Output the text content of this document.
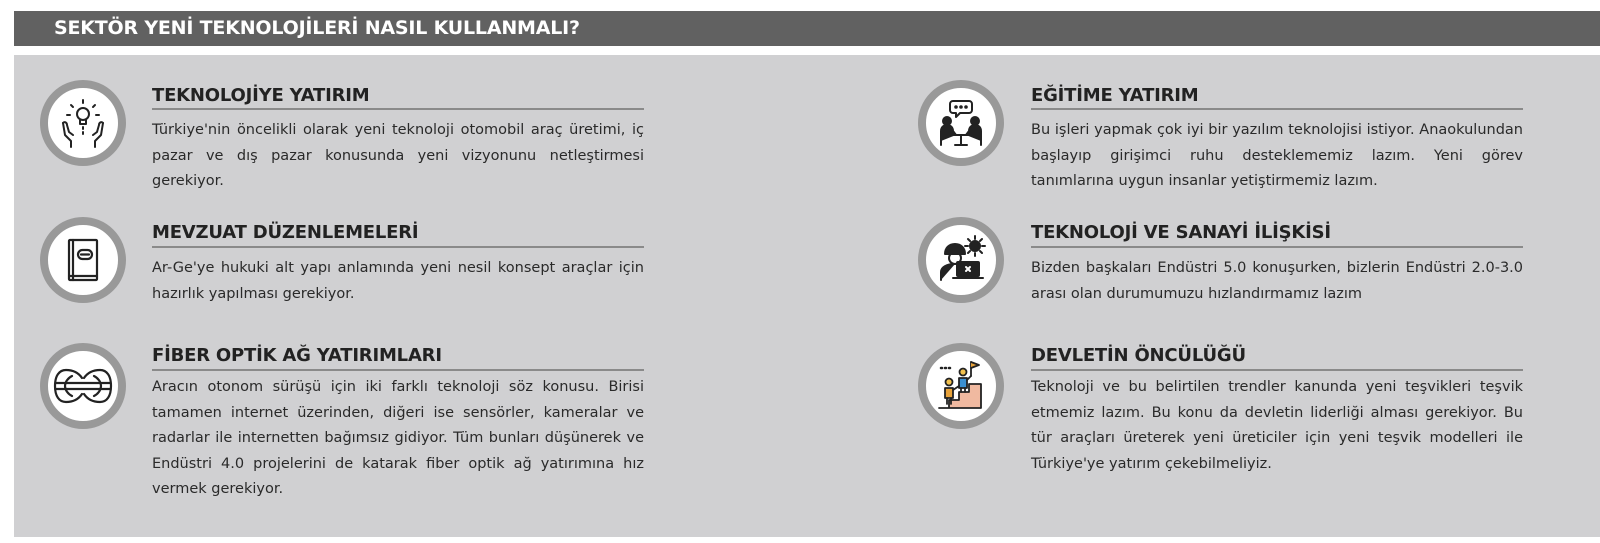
SEKTÖR YENİ TEKNOLOJİLERİ NASIL KULLANMALI?
TEKNOLOJİYE YATIRIM
Türkiye'nin öncelikli olarak yeni teknoloji otomobil araç üretimi, iç pazar ve dış pazar konusunda yeni vizyonunu netleştirmesi gerekiyor.
MEVZUAT DÜZENLEMELERİ
Ar-Ge'ye hukuki alt yapı anlamında yeni nesil konsept araçlar için hazırlık yapılması gerekiyor.
FİBER OPTİK AĞ YATIRIMLARI
Aracın otonom sürüşü için iki farklı teknoloji söz konusu. Birisi tamamen internet üzerinden, diğeri ise sensörler, kameralar ve radarlar ile internetten bağımsız gidiyor. Tüm bunları düşünerek ve Endüstri 4.0 projelerini de katarak fiber optik ağ yatırımına hız vermek gerekiyor.
EĞİTİME YATIRIM
Bu işleri yapmak çok iyi bir yazılım teknolojisi istiyor. Anaokulundan başlayıp girişimci ruhu desteklememiz lazım. Yeni görev tanımlarına uygun insanlar yetiştirmemiz lazım.
TEKNOLOJİ VE SANAYİ İLİŞKİSİ
Bizden başkaları Endüstri 5.0 konuşurken, bizlerin Endüstri 2.0-3.0 arası olan durumumuzu hızlandırmamız lazım
DEVLETİN ÖNCÜLÜĞÜ
Teknoloji ve bu belirtilen trendler kanunda yeni teşvikleri teşvik etmemiz lazım. Bu konu da devletin liderliği alması gerekiyor. Bu tür araçları üreterek yeni üreticiler için yeni teşvik modelleri ile Türkiye'ye yatırım çekebilmeliyiz.
